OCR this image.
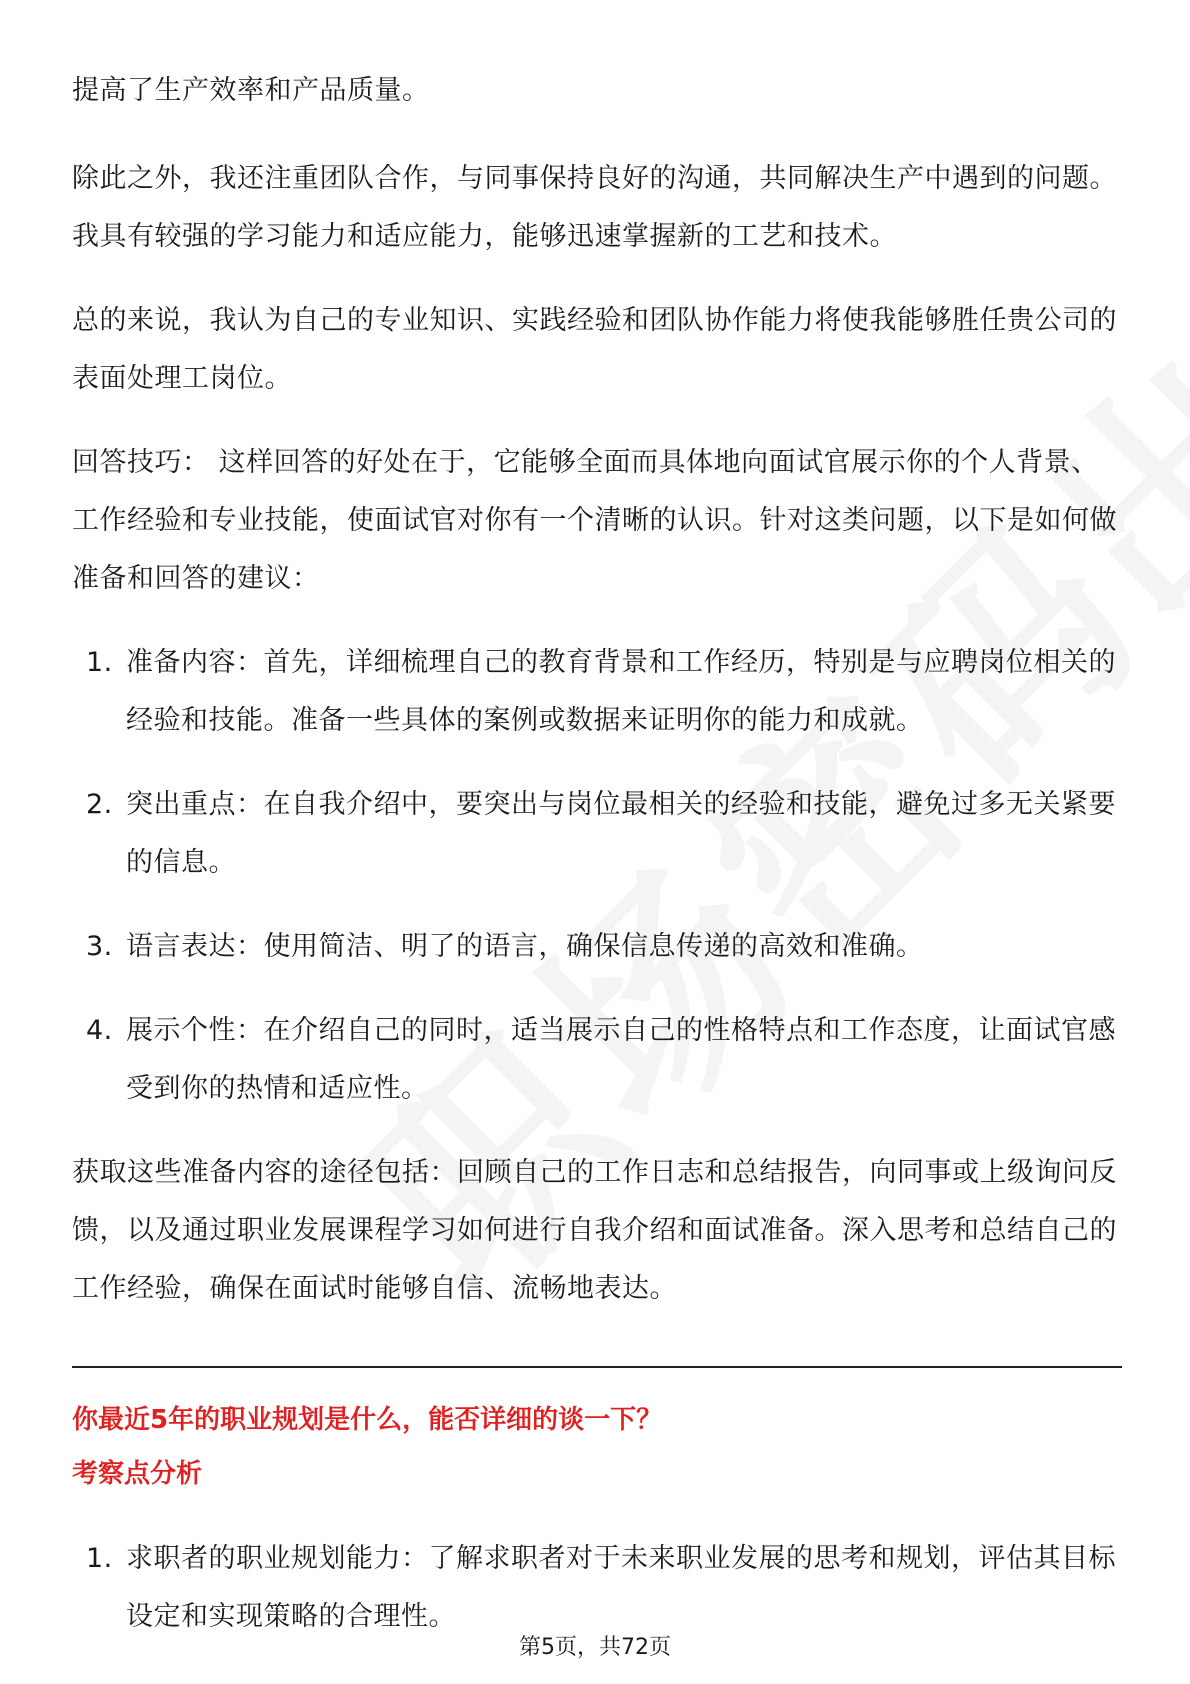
提高了生产效率和产品质量。

除此之外，我还注重团队合作，与同事保持良好的沟通，共同解决生产中遇到的问题。我具有较强的学习能力和适应能力，能够迅速掌握新的工艺和技术。

总的来说，我认为自己的专业知识、实践经验和团队协作能力将使我能够胜任贵公司的表面处理工岗位。

回答技巧： 这样回答的好处在于，它能够全面而具体地向面试官展示你的个人背景、工作经验和专业技能，使面试官对你有一个清晰的认识。针对这类问题，以下是如何做准备和回答的建议：

1. 准备内容：首先，详细梳理自己的教育背景和工作经历，特别是与应聘岗位相关的经验和技能。准备一些具体的案例或数据来证明你的能力和成就。
2. 突出重点：在自我介绍中，要突出与岗位最相关的经验和技能，避免过多无关紧要的信息。
3. 语言表达：使用简洁、明了的语言，确保信息传递的高效和准确。
4. 展示个性：在介绍自己的同时，适当展示自己的性格特点和工作态度，让面试官感受到你的热情和适应性。

获取这些准备内容的途径包括：回顾自己的工作日志和总结报告，向同事或上级询问反馈，以及通过职业发展课程学习如何进行自我介绍和面试准备。深入思考和总结自己的工作经验，确保在面试时能够自信、流畅地表达。

你最近5年的职业规划是什么，能否详细的谈一下？
考察点分析
1. 求职者的职业规划能力：了解求职者对于未来职业发展的思考和规划，评估其目标设定和实现策略的合理性。
第5页，共72页
